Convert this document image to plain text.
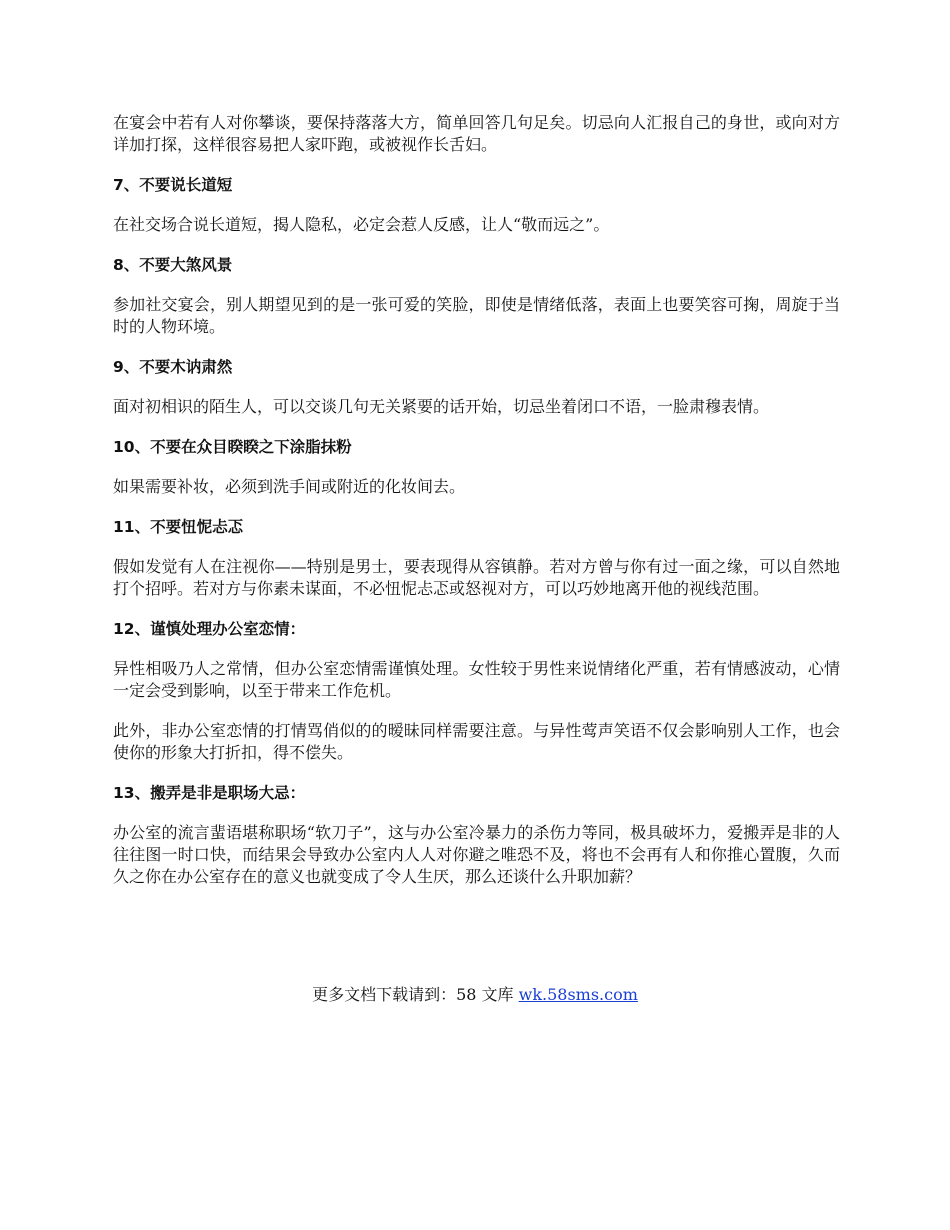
在宴会中若有人对你攀谈，要保持落落大方，简单回答几句足矣。切忌向人汇报自己的身世，或向对方详加打探，这样很容易把人家吓跑，或被视作长舌妇。

7、不要说长道短

在社交场合说长道短，揭人隐私，必定会惹人反感，让人“敬而远之”。

8、不要大煞风景

参加社交宴会，别人期望见到的是一张可爱的笑脸，即使是情绪低落，表面上也要笑容可掬，周旋于当时的人物环境。

9、不要木讷肃然

面对初相识的陌生人，可以交谈几句无关紧要的话开始，切忌坐着闭口不语，一脸肃穆表情。

10、不要在众目睽睽之下涂脂抹粉

如果需要补妆，必须到洗手间或附近的化妆间去。

11、不要忸怩忐忑

假如发觉有人在注视你——特别是男士，要表现得从容镇静。若对方曾与你有过一面之缘，可以自然地打个招呼。若对方与你素未谋面，不必忸怩忐忑或怒视对方，可以巧妙地离开他的视线范围。

12、谨慎处理办公室恋情：

异性相吸乃人之常情，但办公室恋情需谨慎处理。女性较于男性来说情绪化严重，若有情感波动，心情一定会受到影响，以至于带来工作危机。

此外，非办公室恋情的打情骂俏似的的暧昧同样需要注意。与异性莺声笑语不仅会影响别人工作，也会使你的形象大打折扣，得不偿失。

13、搬弄是非是职场大忌：

办公室的流言蜚语堪称职场“软刀子”，这与办公室冷暴力的杀伤力等同，极具破坏力，爱搬弄是非的人往往图一时口快，而结果会导致办公室内人人对你避之唯恐不及，将也不会再有人和你推心置腹，久而久之你在办公室存在的意义也就变成了令人生厌，那么还谈什么升职加薪？

更多文档下载请到：58 文库 wk.58sms.com
